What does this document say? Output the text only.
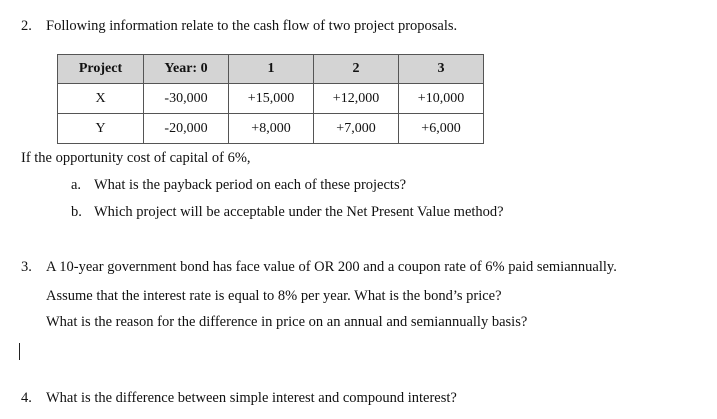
2. Following information relate to the cash flow of two project proposals.
Project	Year: 0	1	2	3
X	-30,000	+15,000	+12,000	+10,000
Y	-20,000	+8,000	+7,000	+6,000
If the opportunity cost of capital of 6%,
a. What is the payback period on each of these projects?
b. Which project will be acceptable under the Net Present Value method?
3. A 10-year government bond has face value of OR 200 and a coupon rate of 6% paid semiannually.
Assume that the interest rate is equal to 8% per year. What is the bond’s price?
What is the reason for the difference in price on an annual and semiannually basis?
4. What is the difference between simple interest and compound interest?
